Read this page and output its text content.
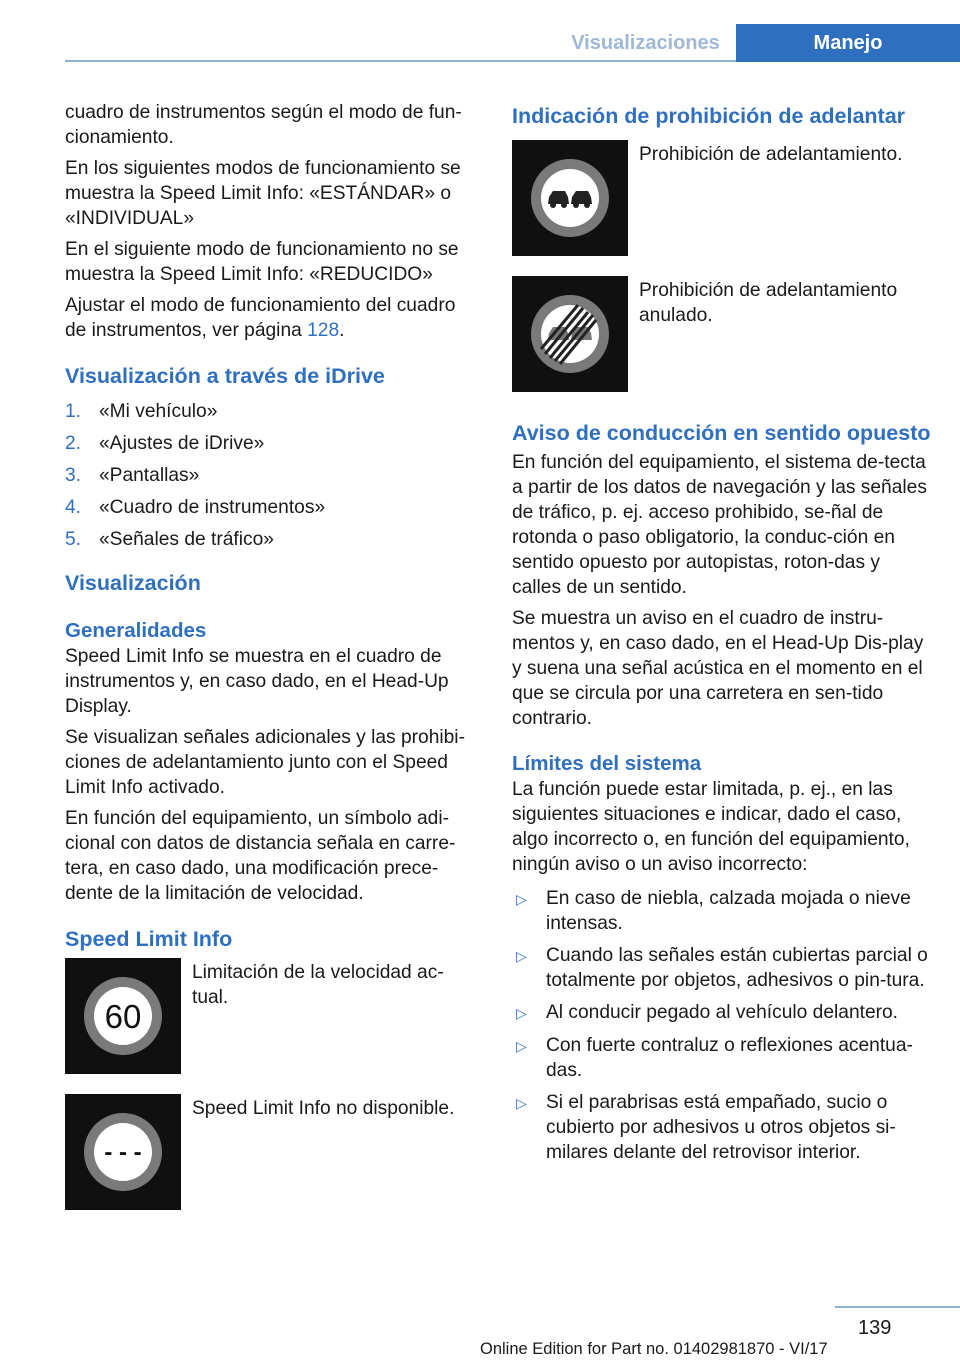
Visualizaciones	Manejo

cuadro de instrumentos según el modo de fun‐cionamiento.

En los siguientes modos de funcionamiento se muestra la Speed Limit Info: «ESTÁNDAR» o «INDIVIDUAL»

En el siguiente modo de funcionamiento no se muestra la Speed Limit Info: «REDUCIDO»

Ajustar el modo de funcionamiento del cuadro de instrumentos, ver página 128.

Visualización a través de iDrive
1. «Mi vehículo»
2. «Ajustes de iDrive»
3. «Pantallas»
4. «Cuadro de instrumentos»
5. «Señales de tráfico»
Visualización
Generalidades

Speed Limit Info se muestra en el cuadro de instrumentos y, en caso dado, en el Head-Up Display.

Se visualizan señales adicionales y las prohibi‐ciones de adelantamiento junto con el Speed Limit Info activado.

En función del equipamiento, un símbolo adi‐cional con datos de distancia señala en carre‐tera, en caso dado, una modificación prece‐dente de la limitación de velocidad.

Speed Limit Info
60
Limitación de la velocidad ac‐tual.
- - -
Speed Limit Info no disponible.
Indicación de prohibición de adelantar
Prohibición de adelantamiento.
Prohibición de adelantamiento anulado.
Aviso de conducción en sentido opuesto

En función del equipamiento, el sistema de‐tecta a partir de los datos de navegación y las señales de tráfico, p. ej. acceso prohibido, se‐ñal de rotonda o paso obligatorio, la conduc‐ción en sentido opuesto por autopistas, roton‐das y calles de un sentido.

Se muestra un aviso en el cuadro de instru‐mentos y, en caso dado, en el Head-Up Dis‐play y suena una señal acústica en el momento en el que se circula por una carretera en sen‐tido contrario.

Límites del sistema

La función puede estar limitada, p. ej., en las siguientes situaciones e indicar, dado el caso, algo incorrecto o, en función del equipamiento, ningún aviso o un aviso incorrecto:

▷	En caso de niebla, calzada mojada o nieve intensas.
▷	Cuando las señales están cubiertas parcial o totalmente por objetos, adhesivos o pin‐tura.
▷	Al conducir pegado al vehículo delantero.
▷	Con fuerte contraluz o reflexiones acentua‐das.
▷	Si el parabrisas está empañado, sucio o cubierto por adhesivos u otros objetos si‐milares delante del retrovisor interior.
139
Online Edition for Part no. 01402981870 - VI/17
